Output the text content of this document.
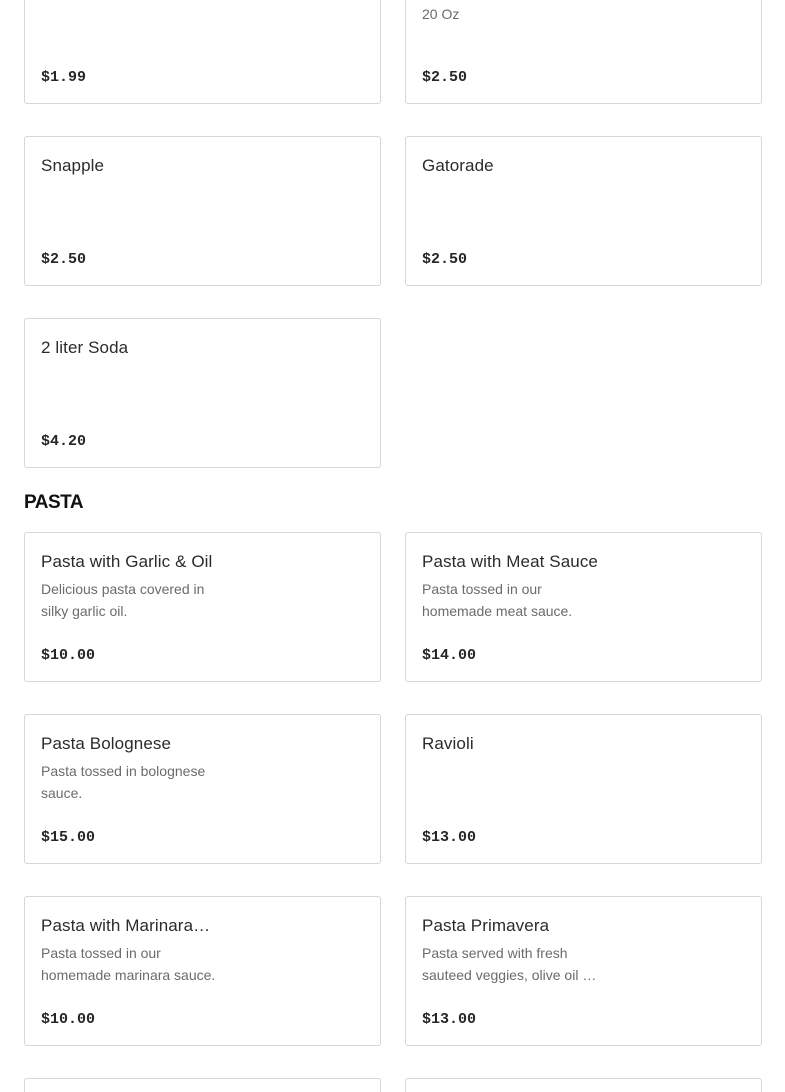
$1.99
20 Oz
$2.50
Snapple
$2.50
Gatorade
$2.50
2 liter Soda
$4.20
PASTA
Pasta with Garlic & Oil
Delicious pasta covered in silky garlic oil.
$10.00
Pasta with Meat Sauce
Pasta tossed in our homemade meat sauce.
$14.00
Pasta Bolognese
Pasta tossed in bolognese sauce.
$15.00
Ravioli
$13.00
Pasta with Marinara…
Pasta tossed in our homemade marinara sauce.
$10.00
Pasta Primavera
Pasta served with fresh sauteed veggies, olive oil …
$13.00
